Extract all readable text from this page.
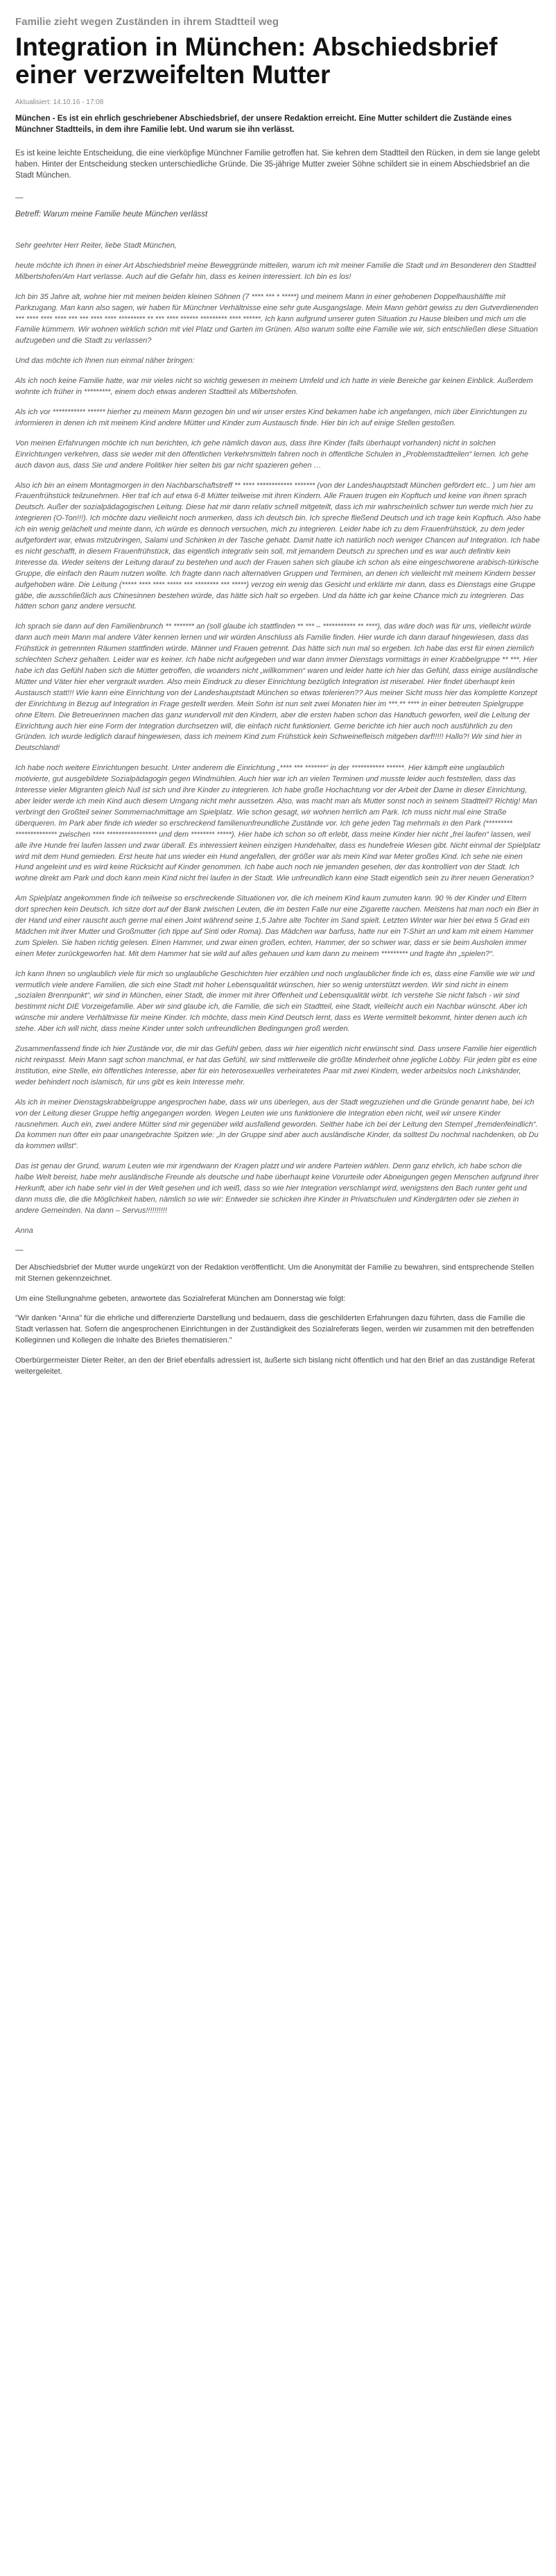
Familie zieht wegen Zuständen in ihrem Stadtteil weg
Integration in München: Abschiedsbrief einer verzweifelten Mutter
Aktualisiert: 14.10.16 - 17:08

München - Es ist ein ehrlich geschriebener Abschiedsbrief, der unsere Redaktion erreicht. Eine Mutter schildert die Zustände eines Münchner Stadtteils, in dem ihre Familie lebt. Und warum sie ihn verlässt.

Es ist keine leichte Entscheidung, die eine vierköpfige Münchner Familie getroffen hat. Sie kehren dem Stadtteil den Rücken, in dem sie lange gelebt haben. Hinter der Entscheidung stecken unterschiedliche Gründe. Die 35-jährige Mutter zweier Söhne schildert sie in einem Abschiedsbrief an die Stadt München.

—

Betreff: Warum meine Familie heute München verlässt

Sehr geehrter Herr Reiter, liebe Stadt München,

heute möchte ich Ihnen in einer Art Abschiedsbrief meine Beweggründe mitteilen, warum ich mit meiner Familie die Stadt und im Besonderen den Stadtteil Milbertshofen/Am Hart verlasse. Auch auf die Gefahr hin, dass es keinen interessiert. Ich bin es los!

Ich bin 35 Jahre alt, wohne hier mit meinen beiden kleinen Söhnen (7 **** *** * *****) und meinem Mann in einer gehobenen Doppelhaushälfte mit Parkzugang. Man kann also sagen, wir haben für Münchner Verhältnisse eine sehr gute Ausgangslage. Mein Mann gehört gewiss zu den Gutverdienenden *** **** **** **** *** *** **** **** ********* ** *** **** ****** ********* **** ******. Ich kann aufgrund unserer guten Situation zu Hause bleiben und mich um die Familie kümmern. Wir wohnen wirklich schön mit viel Platz und Garten im Grünen. Also warum sollte eine Familie wie wir, sich entschließen diese Situation aufzugeben und die Stadt zu verlassen?

Und das möchte ich Ihnen nun einmal näher bringen:

Als ich noch keine Familie hatte, war mir vieles nicht so wichtig gewesen in meinem Umfeld und ich hatte in viele Bereiche gar keinen Einblick. Außerdem wohnte ich früher in *********, einem doch etwas anderen Stadtteil als Milbertshofen.

Als ich vor *********** ****** hierher zu meinem Mann gezogen bin und wir unser erstes Kind bekamen habe ich angefangen, mich über Einrichtungen zu informieren in denen ich mit meinem Kind andere Mütter und Kinder zum Austausch finde. Hier bin ich auf einige Stellen gestoßen.

Von meinen Erfahrungen möchte ich nun berichten, ich gehe nämlich davon aus, dass Ihre Kinder (falls überhaupt vorhanden) nicht in solchen Einrichtungen verkehren, dass sie weder mit den öffentlichen Verkehrsmitteln fahren noch in öffentliche Schulen in „Problemstadtteilen“ lernen. Ich gehe auch davon aus, dass Sie und andere Politiker hier selten bis gar nicht spazieren gehen …

Also ich bin an einem Montagmorgen in den Nachbarschaftstreff ** **** ************ ******* (von der Landeshauptstadt München gefördert etc.. ) um hier am Frauenfrühstück teilzunehmen. Hier traf ich auf etwa 6-8 Mütter teilweise mit ihren Kindern. Alle Frauen trugen ein Kopftuch und keine von ihnen sprach Deutsch. Außer der sozialpädagogischen Leitung. Diese hat mir dann relativ schnell mitgeteilt, dass ich mir wahrscheinlich schwer tun werde mich hier zu integrieren (O-Ton!!!). Ich möchte dazu vielleicht noch anmerken, dass ich deutsch bin. Ich spreche fließend Deutsch und ich trage kein Kopftuch. Also habe ich ein wenig gelächelt und meinte dann, ich würde es dennoch versuchen, mich zu integrieren. Leider habe ich zu dem Frauenfrühstück, zu dem jeder aufgefordert war, etwas mitzubringen, Salami und Schinken in der Tasche gehabt. Damit hatte ich natürlich noch weniger Chancen auf Integration. Ich habe es nicht geschafft, in diesem Frauenfrühstück, das eigentlich integrativ sein soll, mit jemandem Deutsch zu sprechen und es war auch definitiv kein Interesse da. Weder seitens der Leitung darauf zu bestehen und auch der Frauen sahen sich glaube ich schon als eine eingeschworene arabisch-türkische Gruppe, die einfach den Raum nutzen wollte. Ich fragte dann nach alternativen Gruppen und Terminen, an denen ich vielleicht mit meinem Kindern besser aufgehoben wäre. Die Leitung (***** **** **** ***** *** ******** *** *****) verzog ein wenig das Gesicht und erklärte mir dann, dass es Dienstags eine Gruppe gäbe, die ausschließlich aus Chinesinnen bestehen würde, das hätte sich halt so ergeben. Und da hätte ich gar keine Chance mich zu integrieren. Das hätten schon ganz andere versucht.

Ich sprach sie dann auf den Familienbrunch ** ******* an (soll glaube ich stattfinden ** *** – *********** ** ****), das wäre doch was für uns, vielleicht würde dann auch mein Mann mal andere Väter kennen lernen und wir würden Anschluss als Familie finden. Hier wurde ich dann darauf hingewiesen, dass das Frühstück in getrennten Räumen stattfinden würde. Männer und Frauen getrennt. Das hätte sich nun mal so ergeben. Ich habe das erst für einen ziemlich schlechten Scherz gehalten. Leider war es keiner. Ich habe nicht aufgegeben und war dann immer Dienstags vormittags in einer Krabbelgruppe ** ***. Hier habe ich das Gefühl haben sich die Mütter getroffen, die woanders nicht „willkommen“ waren und leider hatte ich hier das Gefühl, dass einige ausländische Mütter und Väter hier eher vergrault wurden. Also mein Eindruck zu dieser Einrichtung bezüglich Integration ist miserabel. Hier findet überhaupt kein Austausch statt!!! Wie kann eine Einrichtung von der Landeshauptstadt München so etwas tolerieren?? Aus meiner Sicht muss hier das komplette Konzept der Einrichtung in Bezug auf Integration in Frage gestellt werden. Mein Sohn ist nun seit zwei Monaten hier im ***.** **** in einer betreuten Spielgruppe ohne Eltern. Die Betreuerinnen machen das ganz wundervoll mit den Kindern, aber die ersten haben schon das Handtuch geworfen, weil die Leitung der Einrichtung auch hier eine Form der Integration durchsetzen will, die einfach nicht funktioniert. Gerne berichte ich hier auch noch ausführlich zu den Gründen. Ich wurde lediglich darauf hingewiesen, dass ich meinem Kind zum Frühstück kein Schweinefleisch mitgeben darf!!!!! Hallo?! Wir sind hier in Deutschland!

Ich habe noch weitere Einrichtungen besucht. Unter anderem die Einrichtung „**** *** *******“ in der *********** ******. Hier kämpft eine unglaublich motivierte, gut ausgebildete Sozialpädagogin gegen Windmühlen. Auch hier war ich an vielen Terminen und musste leider auch feststellen, dass das Interesse vieler Migranten gleich Null ist sich und ihre Kinder zu integrieren. Ich habe große Hochachtung vor der Arbeit der Dame in dieser Einrichtung, aber leider werde ich mein Kind auch diesem Umgang nicht mehr aussetzen. Also, was macht man als Mutter sonst noch in seinem Stadtteil? Richtig! Man verbringt den Großteil seiner Sommernachmittage am Spielplatz. Wie schon gesagt, wir wohnen herrlich am Park. Ich muss nicht mal eine Straße überqueren. Im Park aber finde ich wieder so erschreckend familienunfreundliche Zustände vor. Ich gehe jeden Tag mehrmals in den Park (********* ************** zwischen **** ***************** und dem ******** *****). Hier habe ich schon so oft erlebt, dass meine Kinder hier nicht „frei laufen“ lassen, weil alle ihre Hunde frei laufen lassen und zwar überall. Es interessiert keinen einzigen Hundehalter, dass es hundefreie Wiesen gibt. Nicht einmal der Spielplatz wird mit dem Hund gemieden. Erst heute hat uns wieder ein Hund angefallen, der größer war als mein Kind war Meter großes Kind. Ich sehe nie einen Hund angeleint und es wird keine Rücksicht auf Kinder genommen. Ich habe auch noch nie jemanden gesehen, der das kontrolliert von der Stadt. Ich wohne direkt am Park und doch kann mein Kind nicht frei laufen in der Stadt. Wie unfreundlich kann eine Stadt eigentlich sein zu ihrer neuen Generation?

Am Spielplatz angekommen finde ich teilweise so erschreckende Situationen vor, die ich meinem Kind kaum zumuten kann. 90 % der Kinder und Eltern dort sprechen kein Deutsch. Ich sitze dort auf der Bank zwischen Leuten, die im besten Falle nur eine Zigarette rauchen. Meistens hat man noch ein Bier in der Hand und einer rauscht auch gerne mal einen Joint während seine 1,5 Jahre alte Tochter im Sand spielt. Letzten Winter war hier bei etwa 5 Grad ein Mädchen mit ihrer Mutter und Großmutter (ich tippe auf Sinti oder Roma). Das Mädchen war barfuss, hatte nur ein T-Shirt an und kam mit einem Hammer zum Spielen. Sie haben richtig gelesen. Einen Hammer, und zwar einen großen, echten, Hammer, der so schwer war, dass er sie beim Ausholen immer einen Meter zurückgeworfen hat. Mit dem Hammer hat sie wild auf alles gehauen und kam dann zu meinem ********* und fragte ihn „spielen?“.

Ich kann Ihnen so unglaublich viele für mich so unglaubliche Geschichten hier erzählen und noch unglaublicher finde ich es, dass eine Familie wie wir und vermutlich viele andere Familien, die sich eine Stadt mit hoher Lebensqualität wünschen, hier so wenig unterstützt werden. Wir sind nicht in einem „sozialen Brennpunkt“, wir sind in München, einer Stadt, die immer mit ihrer Offenheit und Lebensqualität wirbt. Ich verstehe Sie nicht falsch - wir sind bestimmt nicht DIE Vorzeigefamilie. Aber wir sind glaube ich, die Familie, die sich ein Stadtteil, eine Stadt, vielleicht auch ein Nachbar wünscht. Aber ich wünsche mir andere Verhältnisse für meine Kinder. Ich möchte, dass mein Kind Deutsch lernt, dass es Werte vermittelt bekommt, hinter denen auch ich stehe. Aber ich will nicht, dass meine Kinder unter solch unfreundlichen Bedingungen groß werden.

Zusammenfassend finde ich hier Zustände vor, die mir das Gefühl geben, dass wir hier eigentlich nicht erwünscht sind. Dass unsere Familie hier eigentlich nicht reinpasst. Mein Mann sagt schon manchmal, er hat das Gefühl, wir sind mittlerweile die größte Minderheit ohne jegliche Lobby. Für jeden gibt es eine Institution, eine Stelle, ein öffentliches Interesse, aber für ein heterosexuelles verheiratetes Paar mit zwei Kindern, weder arbeitslos noch Linkshänder, weder behindert noch islamisch, für uns gibt es kein Interesse mehr.

Als ich in meiner Dienstagskrabbelgruppe angesprochen habe, dass wir uns überlegen, aus der Stadt wegzuziehen und die Gründe genannt habe, bei ich von der Leitung dieser Gruppe heftig angegangen worden. Wegen Leuten wie uns funktioniere die Integration eben nicht, weil wir unsere Kinder rausnehmen. Auch ein, zwei andere Mütter sind mir gegenüber wild ausfallend geworden. Seither habe ich bei der Leitung den Stempel „fremdenfeindlich“. Da kommen nun öfter ein paar unangebrachte Spitzen wie: „In der Gruppe sind aber auch ausländische Kinder, da solltest Du nochmal nachdenken, ob Du da kommen willst“.

Das ist genau der Grund, warum Leuten wie mir irgendwann der Kragen platzt und wir andere Parteien wählen. Denn ganz ehrlich, ich habe schon die halbe Welt bereist, habe mehr ausländische Freunde als deutsche und habe überhaupt keine Vorurteile oder Abneigungen gegen Menschen aufgrund ihrer Herkunft, aber ich habe sehr viel in der Welt gesehen und ich weiß, dass so wie hier Integration verschlampt wird, wenigstens den Bach runter geht und dann muss die, die die Möglichkeit haben, nämlich so wie wir: Entweder sie schicken ihre Kinder in Privatschulen und Kindergärten oder sie ziehen in andere Gemeinden. Na dann – Servus!!!!!!!!!!

Anna

—

Der Abschiedsbrief der Mutter wurde ungekürzt von der Redaktion veröffentlicht. Um die Anonymität der Familie zu bewahren, sind entsprechende Stellen mit Sternen gekennzeichnet.

Um eine Stellungnahme gebeten, antwortete das Sozialreferat München am Donnerstag wie folgt:

"Wir danken "Anna" für die ehrliche und differenzierte Darstellung und bedauern, dass die geschilderten Erfahrungen dazu führten, dass die Familie die Stadt verlassen hat. Sofern die angesprochenen Einrichtungen in der Zuständigkeit des Sozialreferats liegen, werden wir zusammen mit den betreffenden Kolleginnen und Kollegen die Inhalte des Briefes thematisieren."

Oberbürgermeister Dieter Reiter, an den der Brief ebenfalls adressiert ist, äußerte sich bislang nicht öffentlich und hat den Brief an das zuständige Referat weitergeleitet.
